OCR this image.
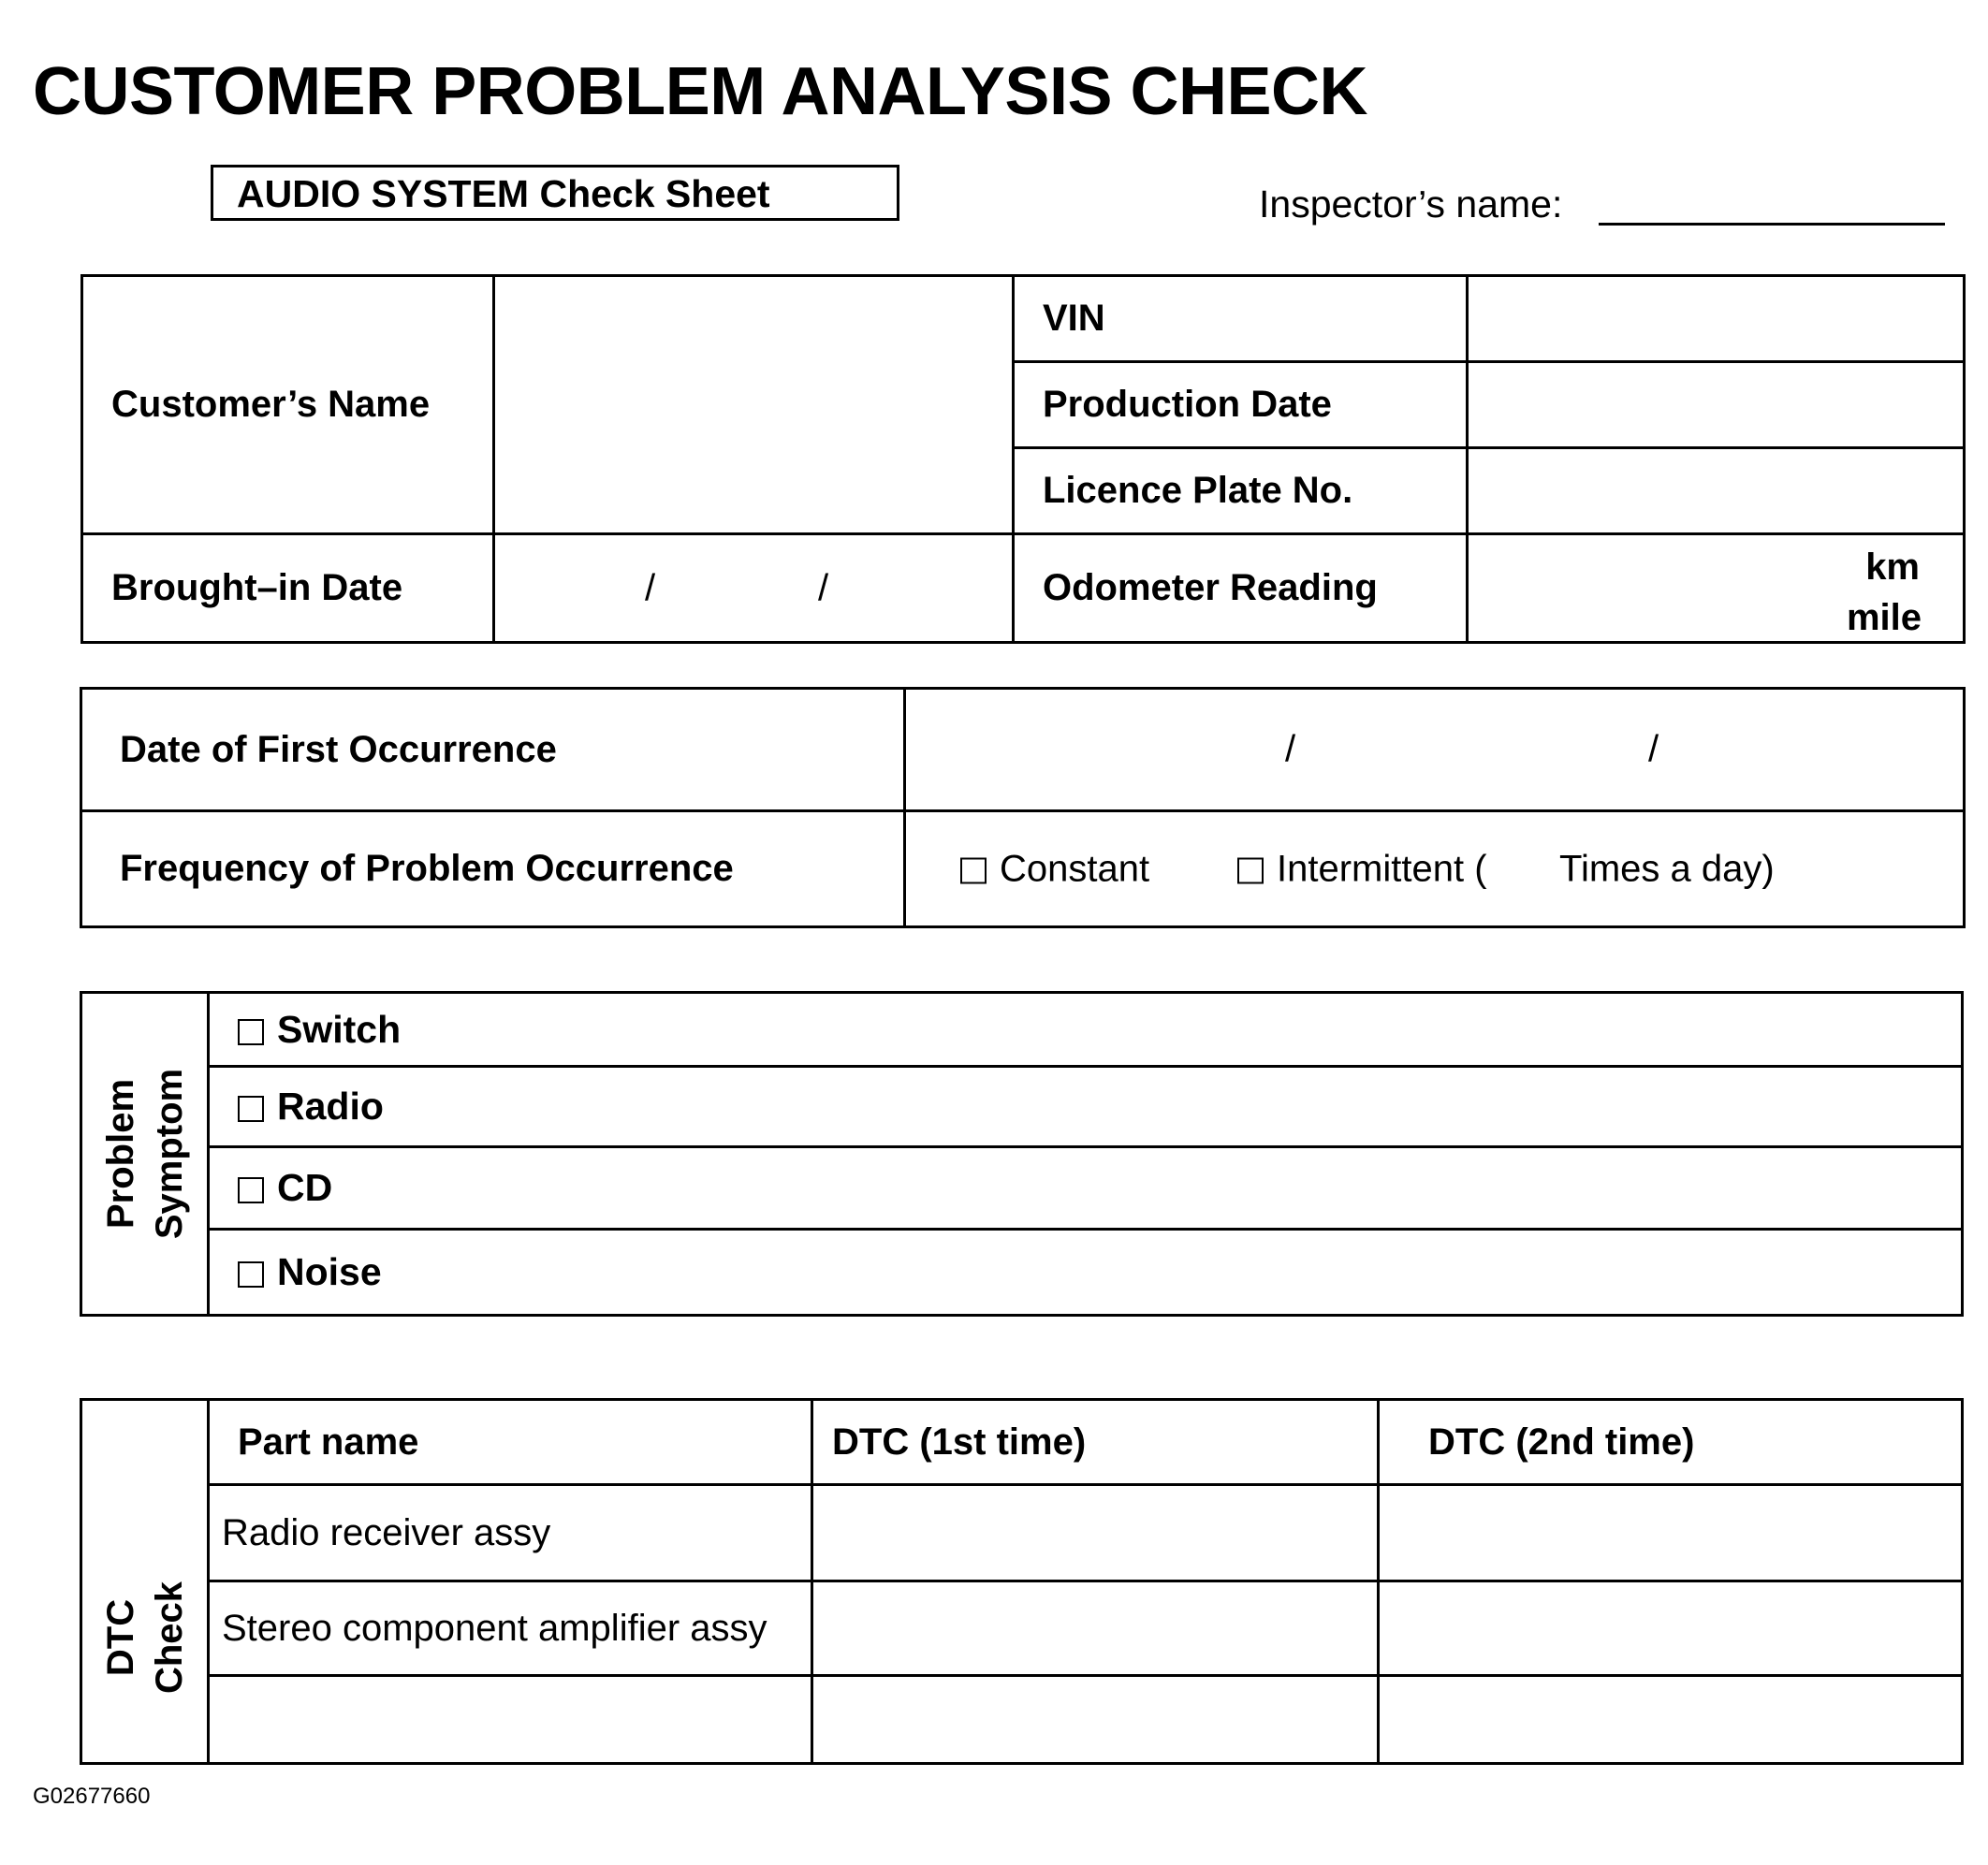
CUSTOMER PROBLEM ANALYSIS CHECK
AUDIO SYSTEM Check Sheet	Inspector’s name:
Customer’s Name		VIN	
		Production Date	
		Licence Plate No.	
Brought–in Date	/ /	Odometer Reading	km
mile
Date of First Occurrence	/ /

Frequency of Problem Occurrence	Constant Intermittent ( Times a day)
Problem Symptom
	Switch
Radio
CD
Noise
DTC Check	Part name	DTC (1st time)	DTC (2nd time)
	Radio receiver assy		
	Stereo component amplifier assy		

G02677660
